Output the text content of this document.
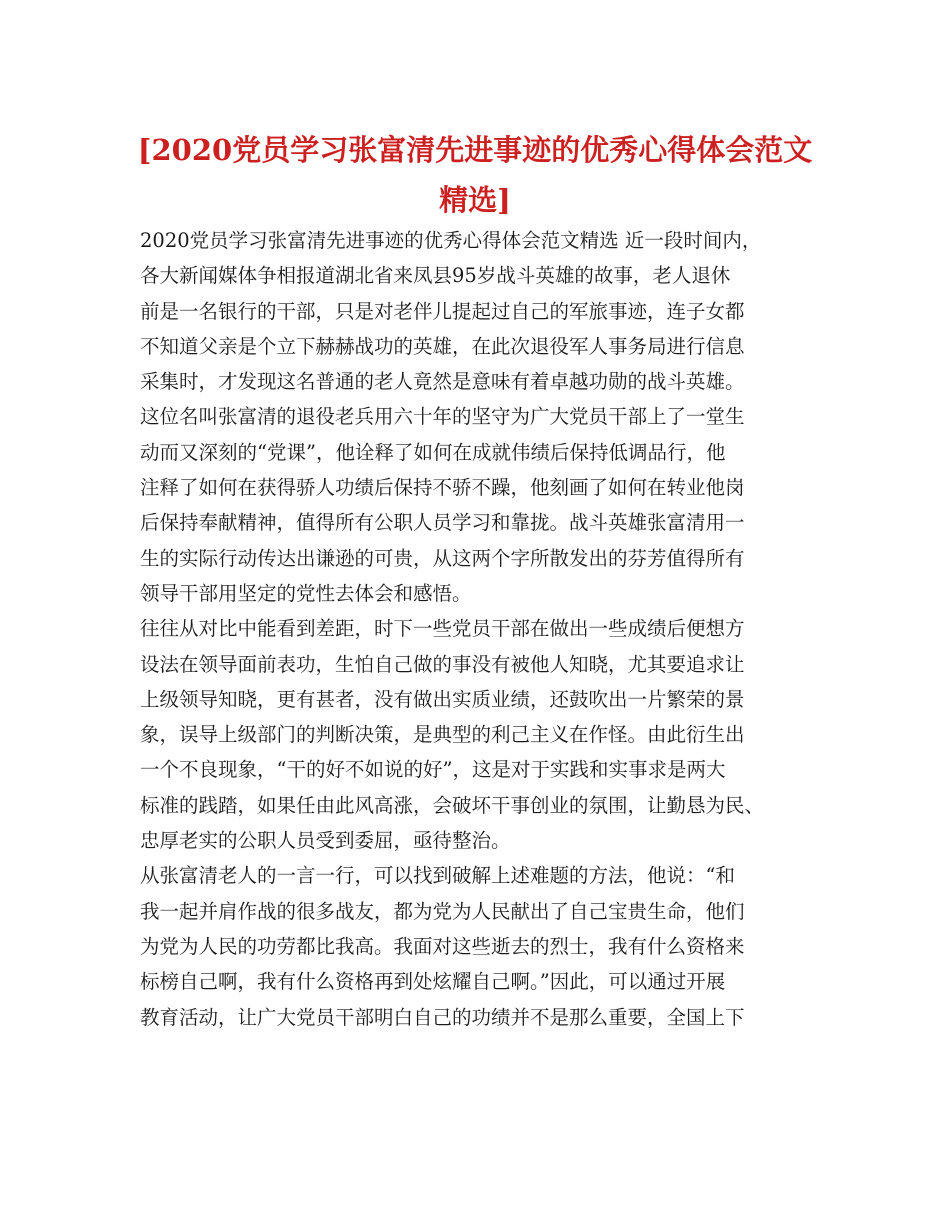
[2020党员学习张富清先进事迹的优秀心得体会范文
精选]
2020党员学习张富清先进事迹的优秀心得体会范文精选 近一段时间内，
各大新闻媒体争相报道湖北省来凤县95岁战斗英雄的故事，老人退休
前是一名银行的干部，只是对老伴儿提起过自己的军旅事迹，连子女都
不知道父亲是个立下赫赫战功的英雄，在此次退役军人事务局进行信息
采集时，才发现这名普通的老人竟然是意味有着卓越功勋的战斗英雄。
这位名叫张富清的退役老兵用六十年的坚守为广大党员干部上了一堂生
动而又深刻的“党课”，他诠释了如何在成就伟绩后保持低调品行，他
注释了如何在获得骄人功绩后保持不骄不躁，他刻画了如何在转业他岗
后保持奉献精神，值得所有公职人员学习和靠拢。战斗英雄张富清用一
生的实际行动传达出谦逊的可贵，从这两个字所散发出的芬芳值得所有
领导干部用坚定的党性去体会和感悟。
往往从对比中能看到差距，时下一些党员干部在做出一些成绩后便想方
设法在领导面前表功，生怕自己做的事没有被他人知晓，尤其要追求让
上级领导知晓，更有甚者，没有做出实质业绩，还鼓吹出一片繁荣的景
象，误导上级部门的判断决策，是典型的利己主义在作怪。由此衍生出
一个不良现象，“干的好不如说的好”，这是对于实践和实事求是两大
标准的践踏，如果任由此风高涨，会破坏干事创业的氛围，让勤恳为民、
忠厚老实的公职人员受到委屈，亟待整治。
从张富清老人的一言一行，可以找到破解上述难题的方法，他说：“和
我一起并肩作战的很多战友，都为党为人民献出了自己宝贵生命，他们
为党为人民的功劳都比我高。我面对这些逝去的烈士，我有什么资格来
标榜自己啊，我有什么资格再到处炫耀自己啊。”因此，可以通过开展
教育活动，让广大党员干部明白自己的功绩并不是那么重要，全国上下
